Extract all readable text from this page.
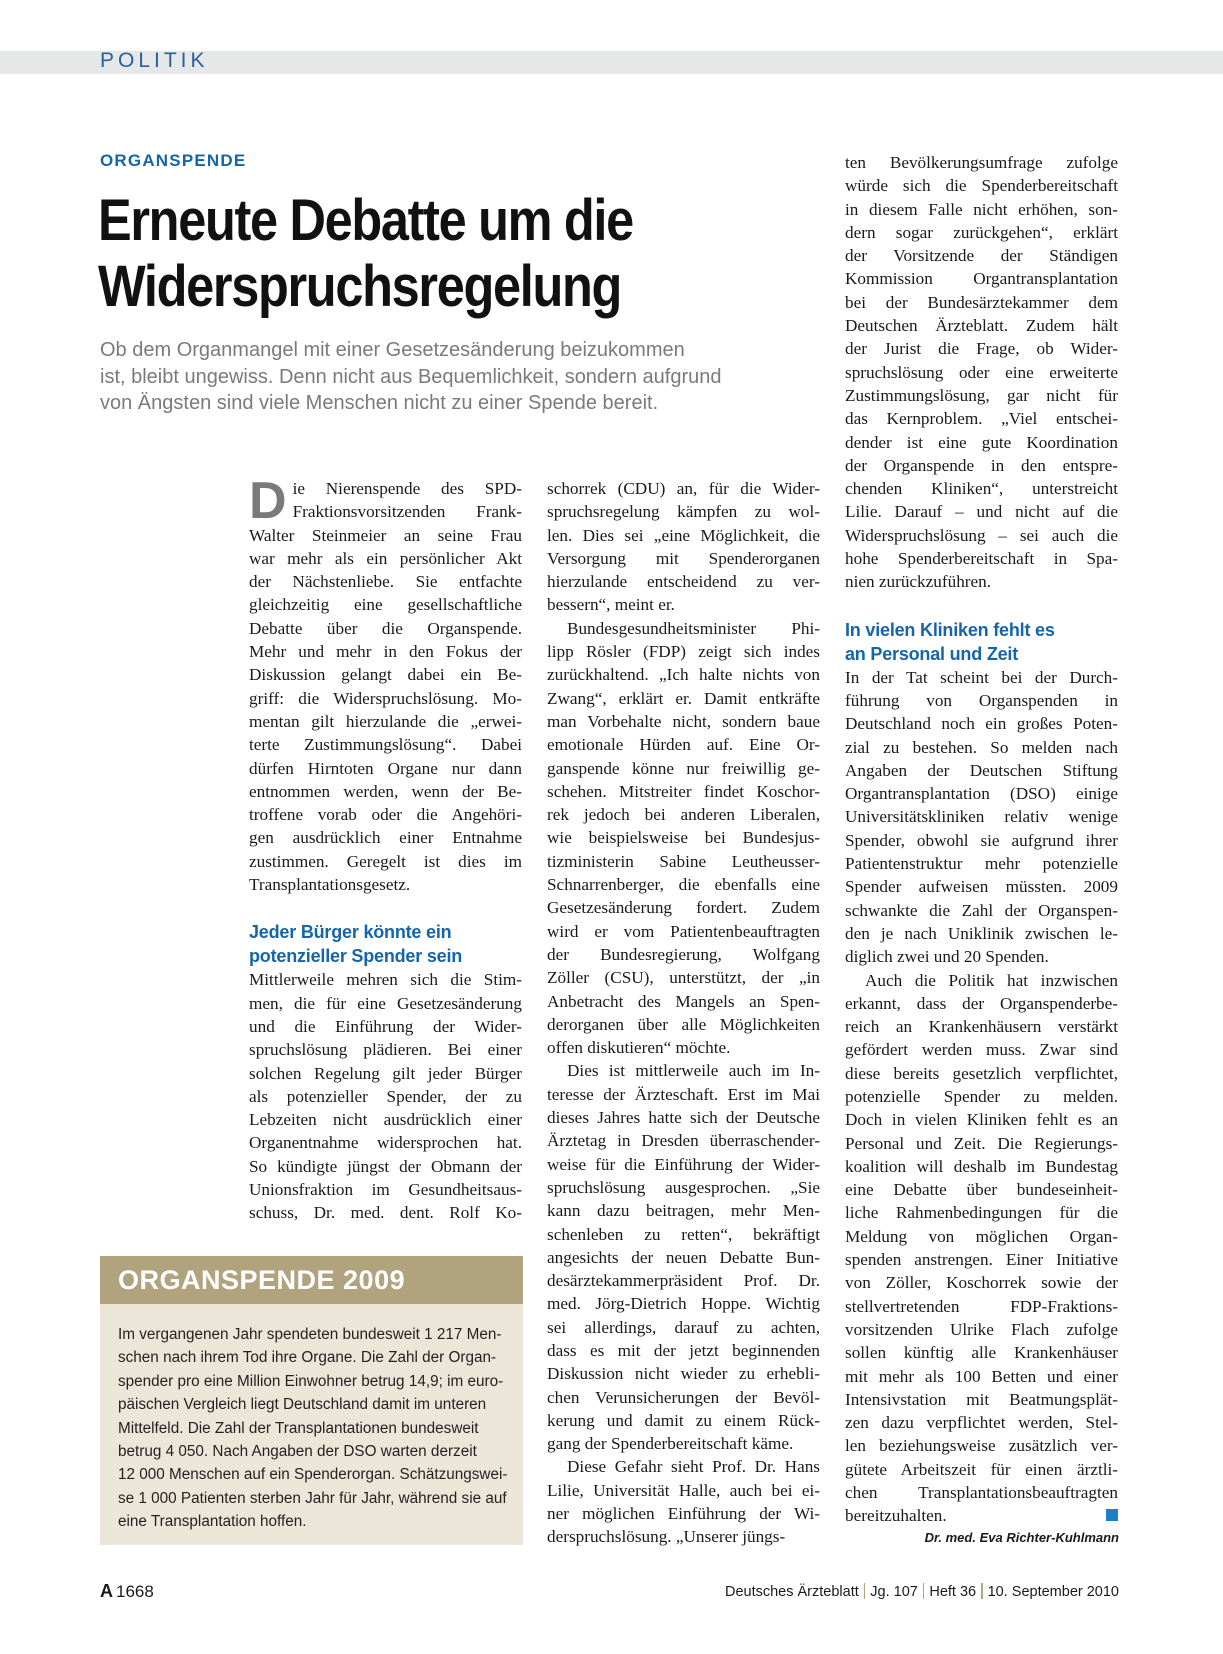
POLITIK
ORGANSPENDE
Erneute Debatte um die
Widerspruchsregelung
Ob dem Organmangel mit einer Gesetzesänderung beizukommen
ist, bleibt ungewiss. Denn nicht aus Bequemlichkeit, sondern aufgrund
von Ängsten sind viele Menschen nicht zu einer Spende bereit.
D ie Nierenspende des SPD-
Fraktionsvorsitzenden Frank-
Walter Steinmeier an seine Frau
war mehr als ein persönlicher Akt
der Nächstenliebe. Sie entfachte
gleichzeitig eine gesellschaftliche
Debatte über die Organspende.
Mehr und mehr in den Fokus der
Diskussion gelangt dabei ein Be-
griff: die Widerspruchslösung. Mo-
mentan gilt hierzulande die „erwei-
terte Zustimmungslösung“. Dabei
dürfen Hirntoten Organe nur dann
entnommen werden, wenn der Be-
troffene vorab oder die Angehöri-
gen ausdrücklich einer Entnahme
zustimmen. Geregelt ist dies im
Transplantationsgesetz.
Jeder Bürger könnte ein
potenzieller Spender sein
Mittlerweile mehren sich die Stim-
men, die für eine Gesetzesänderung
und die Einführung der Wider-
spruchslösung plädieren. Bei einer
solchen Regelung gilt jeder Bürger
als potenzieller Spender, der zu
Lebzeiten nicht ausdrücklich einer
Organentnahme widersprochen hat.
So kündigte jüngst der Obmann der
Unionsfraktion im Gesundheitsaus-
schuss, Dr. med. dent. Rolf Ko-
schorrek (CDU) an, für die Wider-
spruchsregelung kämpfen zu wol-
len. Dies sei „eine Möglichkeit, die
Versorgung mit Spenderorganen
hierzulande entscheidend zu ver-
bessern“, meint er.
Bundesgesundheitsminister Phi-
lipp Rösler (FDP) zeigt sich indes
zurückhaltend. „Ich halte nichts von
Zwang“, erklärt er. Damit entkräfte
man Vorbehalte nicht, sondern baue
emotionale Hürden auf. Eine Or-
ganspende könne nur freiwillig ge-
schehen. Mitstreiter findet Koschor-
rek jedoch bei anderen Liberalen,
wie beispielsweise bei Bundesjus-
tizministerin Sabine Leutheusser-
Schnarrenberger, die ebenfalls eine
Gesetzesänderung fordert. Zudem
wird er vom Patientenbeauftragten
der Bundesregierung, Wolfgang
Zöller (CSU), unterstützt, der „in
Anbetracht des Mangels an Spen-
derorganen über alle Möglichkeiten
offen diskutieren“ möchte.
Dies ist mittlerweile auch im In-
teresse der Ärzteschaft. Erst im Mai
dieses Jahres hatte sich der Deutsche
Ärztetag in Dresden überraschender-
weise für die Einführung der Wider-
spruchslösung ausgesprochen. „Sie
kann dazu beitragen, mehr Men-
schenleben zu retten“, bekräftigt
angesichts der neuen Debatte Bun-
desärztekammerpräsident Prof. Dr.
med. Jörg-Dietrich Hoppe. Wichtig
sei allerdings, darauf zu achten,
dass es mit der jetzt beginnenden
Diskussion nicht wieder zu erhebli-
chen Verunsicherungen der Bevöl-
kerung und damit zu einem Rück-
gang der Spenderbereitschaft käme.
Diese Gefahr sieht Prof. Dr. Hans
Lilie, Universität Halle, auch bei ei-
ner möglichen Einführung der Wi-
derspruchslösung. „Unserer jüngs-
ten Bevölkerungsumfrage zufolge
würde sich die Spenderbereitschaft
in diesem Falle nicht erhöhen, son-
dern sogar zurückgehen“, erklärt
der Vorsitzende der Ständigen
Kommission Organtransplantation
bei der Bundesärztekammer dem
Deutschen Ärzteblatt. Zudem hält
der Jurist die Frage, ob Wider-
spruchslösung oder eine erweiterte
Zustimmungslösung, gar nicht für
das Kernproblem. „Viel entschei-
dender ist eine gute Koordination
der Organspende in den entspre-
chenden Kliniken“, unterstreicht
Lilie. Darauf – und nicht auf die
Widerspruchslösung – sei auch die
hohe Spenderbereitschaft in Spa-
nien zurückzuführen.
In vielen Kliniken fehlt es
an Personal und Zeit
In der Tat scheint bei der Durch-
führung von Organspenden in
Deutschland noch ein großes Poten-
zial zu bestehen. So melden nach
Angaben der Deutschen Stiftung
Organtransplantation (DSO) einige
Universitätskliniken relativ wenige
Spender, obwohl sie aufgrund ihrer
Patientenstruktur mehr potenzielle
Spender aufweisen müssten. 2009
schwankte die Zahl der Organspen-
den je nach Uniklinik zwischen le-
diglich zwei und 20 Spenden.
Auch die Politik hat inzwischen
erkannt, dass der Organspenderbe-
reich an Krankenhäusern verstärkt
gefördert werden muss. Zwar sind
diese bereits gesetzlich verpflichtet,
potenzielle Spender zu melden.
Doch in vielen Kliniken fehlt es an
Personal und Zeit. Die Regierungs-
koalition will deshalb im Bundestag
eine Debatte über bundeseinheit-
liche Rahmenbedingungen für die
Meldung von möglichen Organ-
spenden anstrengen. Einer Initiative
von Zöller, Koschorrek sowie der
stellvertretenden FDP-Fraktions-
vorsitzenden Ulrike Flach zufolge
sollen künftig alle Krankenhäuser
mit mehr als 100 Betten und einer
Intensivstation mit Beatmungsplät-
zen dazu verpflichtet werden, Stel-
len beziehungsweise zusätzlich ver-
gütete Arbeitszeit für einen ärztli-
chen Transplantationsbeauftragten
bereitzuhalten.
Dr. med. Eva Richter-Kuhlmann
ORGANSPENDE 2009
Im vergangenen Jahr spendeten bundesweit 1 217 Men-
schen nach ihrem Tod ihre Organe. Die Zahl der Organ-
spender pro eine Million Einwohner betrug 14,9; im euro-
päischen Vergleich liegt Deutschland damit im unteren
Mittelfeld. Die Zahl der Transplantationen bundesweit
betrug 4 050. Nach Angaben der DSO warten derzeit
12 000 Menschen auf ein Spenderorgan. Schätzungswei-
se 1 000 Patienten sterben Jahr für Jahr, während sie auf
eine Transplantation hoffen.
A 1668	Deutsches Ärzteblatt Jg. 107 Heft 36 10. September 2010
